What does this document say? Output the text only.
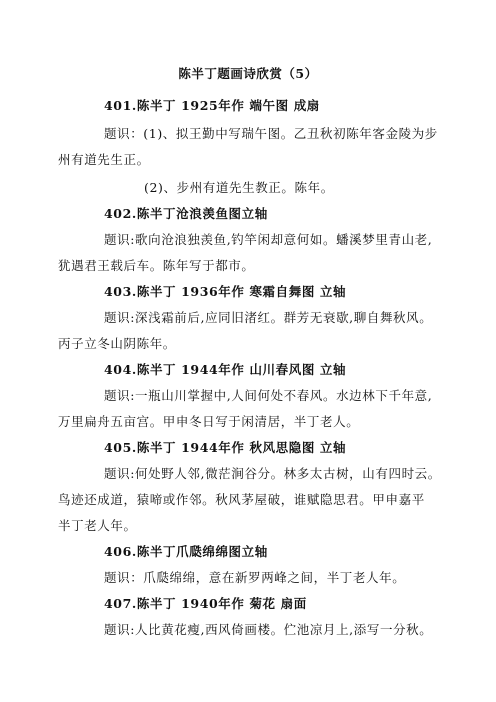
陈半丁题画诗欣赏（5）
401.陈半丁 1925年作 端午图 成扇
题识：(1)、拟王勤中写瑞午图。乙丑秋初陈年客金陵为步
州有道先生正。
(2)、步州有道先生教正。陈年。
402.陈半丁沧浪羡鱼图立轴
题识:歌向沧浪独羡鱼,钓竿闲却意何如。蟠溪梦里青山老,
犹遇君王载后车。陈年写于都市。
403.陈半丁 1936年作 寒霜自舞图 立轴
题识:深浅霜前后,应同旧渚红。群芳无衰歇,聊自舞秋风。
丙子立冬山阴陈年。
404.陈半丁 1944年作 山川春风图 立轴
题识:一瓶山川掌握中,人间何处不春风。水边林下千年意,
万里扁舟五亩宫。甲申冬日写于闲清居，半丁老人。
405.陈半丁 1944年作 秋风思隐图 立轴
题识:何处野人邻,微茫涧谷分。林多太古树，山有四时云。
鸟迹还成道，猿啼或作邻。秋风茅屋破，谁赋隐思君。甲申嘉平
半丁老人年。
406.陈半丁爪瓞绵绵图立轴
题识：爪瓞绵绵，意在新罗两峰之间，半丁老人年。
407.陈半丁 1940年作 菊花 扇面
题识:人比黄花瘦,西风倚画楼。伫池凉月上,添写一分秋。
